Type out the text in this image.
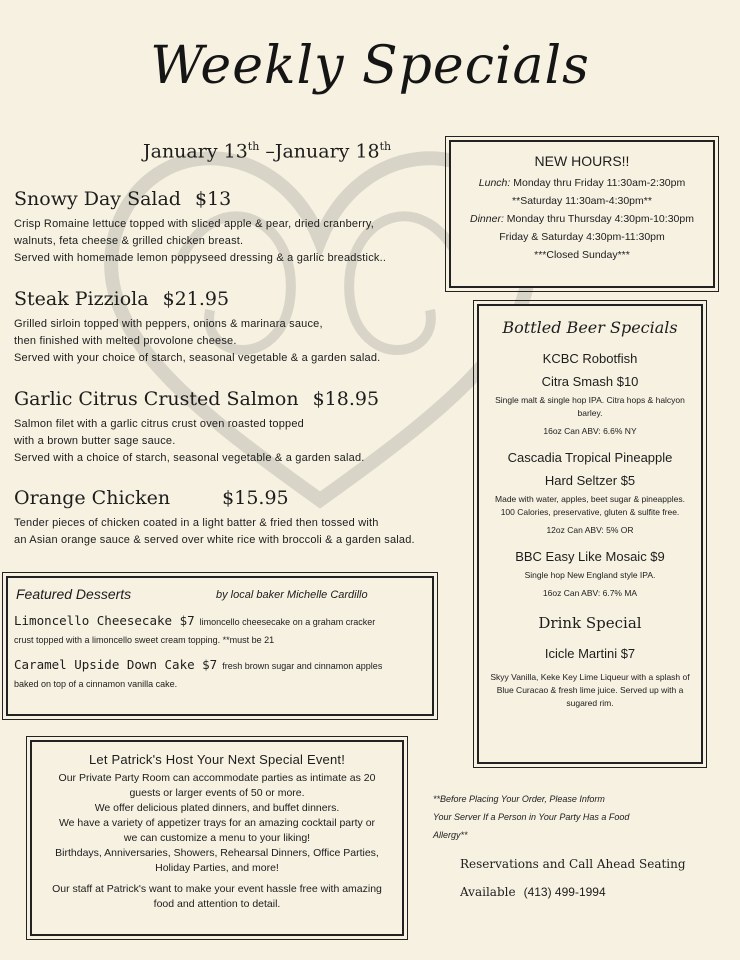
Weekly Specials
January 13th –January 18th
Snowy Day Salad $13
Crisp Romaine lettuce topped with sliced apple & pear, dried cranberry,
walnuts, feta cheese & grilled chicken breast.
Served with homemade lemon poppyseed dressing & a garlic breadstick..
Steak Pizziola $21.95
Grilled sirloin topped with peppers, onions & marinara sauce,
then finished with melted provolone cheese.
Served with your choice of starch, seasonal vegetable & a garden salad.
Garlic Citrus Crusted Salmon $18.95
Salmon filet with a garlic citrus crust oven roasted topped
with a brown butter sage sauce.
Served with a choice of starch, seasonal vegetable & a garden salad.
Orange Chicken	$15.95
Tender pieces of chicken coated in a light batter & fried then tossed with
an Asian orange sauce & served over white rice with broccoli & a garden salad.
NEW HOURS!!
Lunch: Monday thru Friday 11:30am-2:30pm
**Saturday 11:30am-4:30pm**
Dinner: Monday thru Thursday 4:30pm-10:30pm
Friday & Saturday 4:30pm-11:30pm
***Closed Sunday***
Bottled Beer Specials
KCBC Robotfish
Citra Smash $10
Single malt & single hop IPA. Citra hops & halcyon barley.
16oz Can ABV: 6.6% NY
Cascadia Tropical Pineapple
Hard Seltzer $5
Made with water, apples, beet sugar & pineapples. 100 Calories, preservative, gluten & sulfite free.
12oz Can ABV: 5% OR
BBC Easy Like Mosaic $9
Single hop New England style IPA.
16oz Can ABV: 6.7% MA
Drink Special
Icicle Martini $7
Skyy Vanilla, Keke Key Lime Liqueur with a splash of Blue Curacao & fresh lime juice. Served up with a sugared rim.
Featured Desserts	by local baker Michelle Cardillo
Limoncello Cheesecake $7 limoncello cheesecake on a graham cracker
crust topped with a limoncello sweet cream topping. **must be 21
Caramel Upside Down Cake $7 fresh brown sugar and cinnamon apples
baked on top of a cinnamon vanilla cake.
Let Patrick's Host Your Next Special Event!
Our Private Party Room can accommodate parties as intimate as 20
guests or larger events of 50 or more.
We offer delicious plated dinners, and buffet dinners.
We have a variety of appetizer trays for an amazing cocktail party or
we can customize a menu to your liking!
Birthdays, Anniversaries, Showers, Rehearsal Dinners, Office Parties,
Holiday Parties, and more!
Our staff at Patrick's want to make your event hassle free with amazing
food and attention to detail.
**Before Placing Your Order, Please Inform
Your Server If a Person in Your Party Has a Food
Allergy**
Reservations and Call Ahead Seating
Available (413) 499-1994
